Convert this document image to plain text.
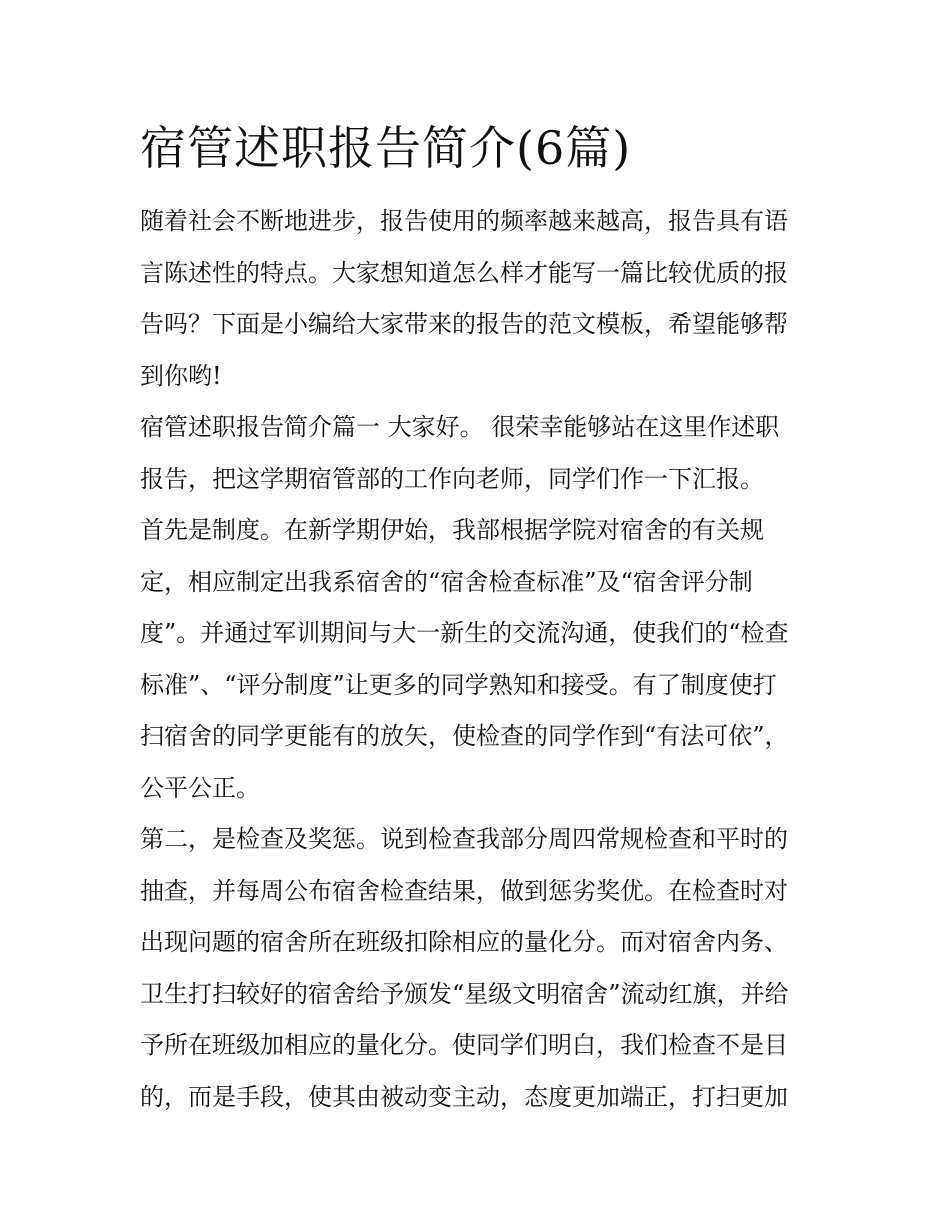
宿管述职报告简介(6篇)
随着社会不断地进步，报告使用的频率越来越高，报告具有语
言陈述性的特点。大家想知道怎么样才能写一篇比较优质的报
告吗？下面是小编给大家带来的报告的范文模板，希望能够帮
到你哟!
宿管述职报告简介篇一 大家好。 很荣幸能够站在这里作述职
报告，把这学期宿管部的工作向老师，同学们作一下汇报。
首先是制度。在新学期伊始，我部根据学院对宿舍的有关规
定，相应制定出我系宿舍的“宿舍检查标准”及“宿舍评分制
度”。并通过军训期间与大一新生的交流沟通，使我们的“检查
标准”、“评分制度”让更多的同学熟知和接受。有了制度使打
扫宿舍的同学更能有的放矢，使检查的同学作到“有法可依”，
公平公正。
第二，是检查及奖惩。说到检查我部分周四常规检查和平时的
抽查，并每周公布宿舍检查结果，做到惩劣奖优。在检查时对
出现问题的宿舍所在班级扣除相应的量化分。而对宿舍内务、
卫生打扫较好的宿舍给予颁发“星级文明宿舍”流动红旗，并给
予所在班级加相应的量化分。使同学们明白，我们检查不是目
的，而是手段，使其由被动变主动，态度更加端正，打扫更加
